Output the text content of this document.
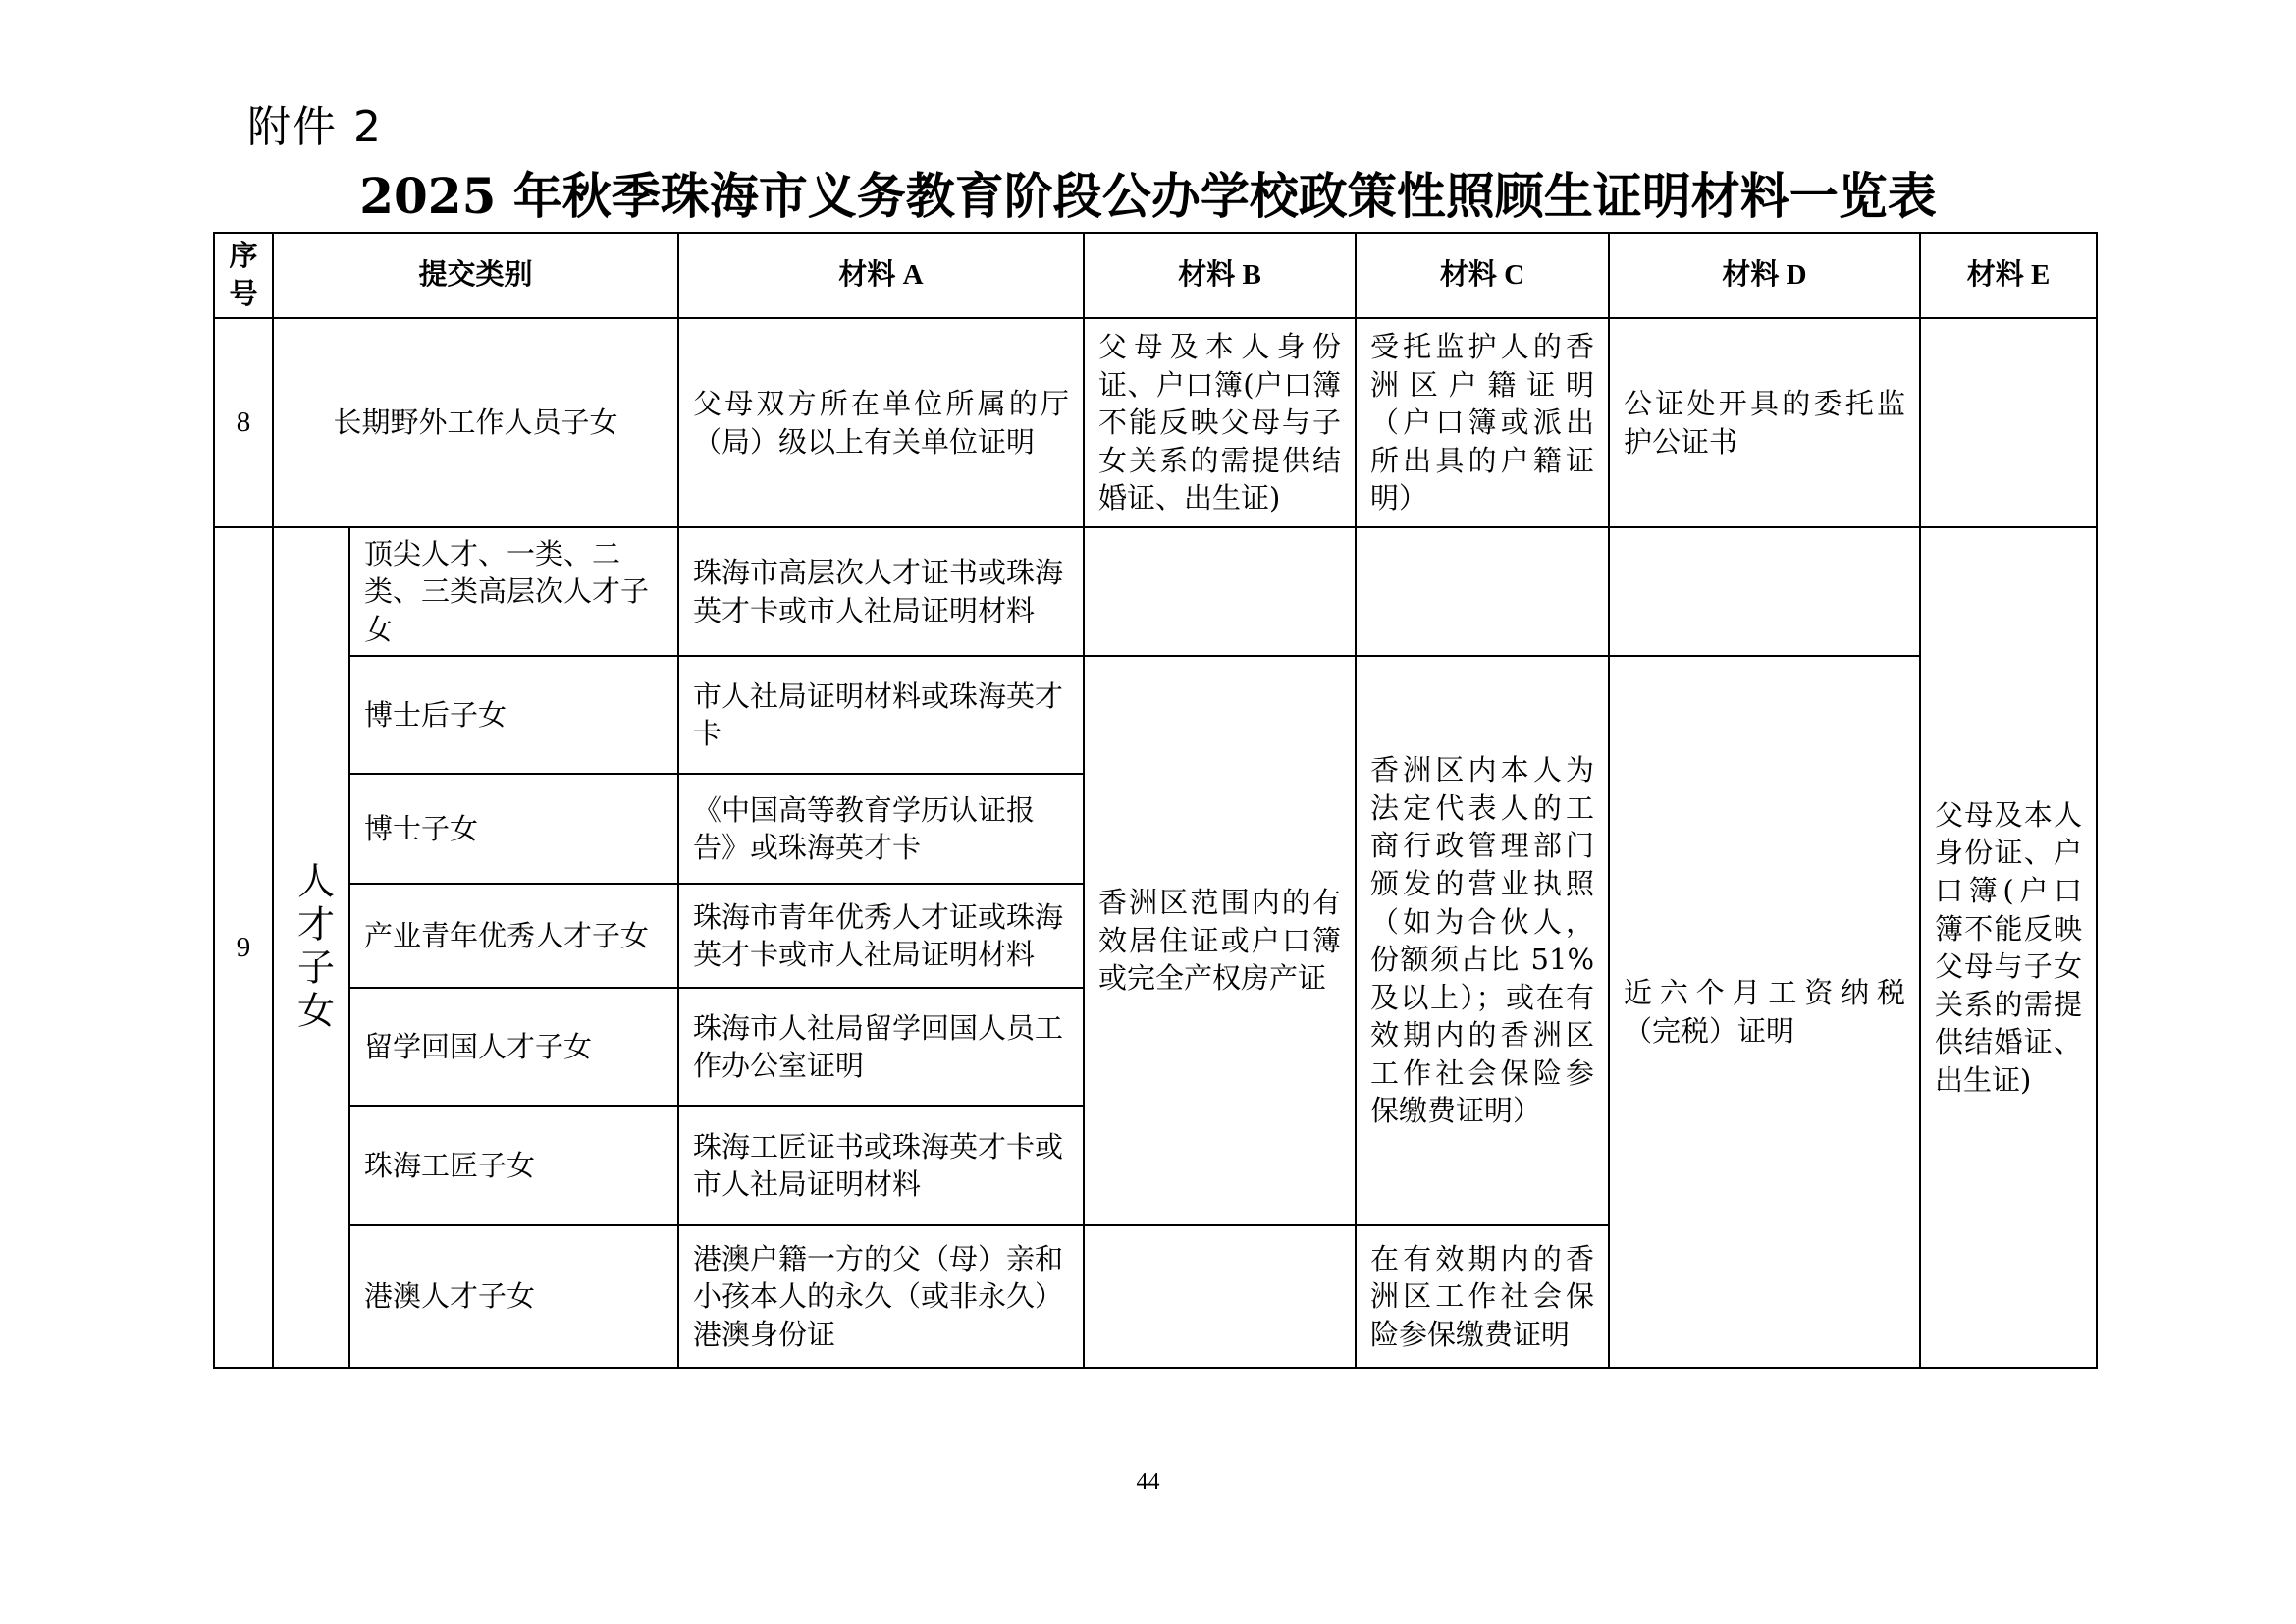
附件 2
2025 年秋季珠海市义务教育阶段公办学校政策性照顾生证明材料一览表
序号	提交类别		材料 A	材料 B	材料 C	材料 D	材料 E
8	长期野外工作人员子女		父母双方所在单位所属的厅（局）级以上有关单位证明	父母及本人身份证、户口簿(户口簿不能反映父母与子女关系的需提供结婚证、出生证)	受托监护人的香洲区户籍证明（户口簿或派出所出具的户籍证明）	公证处开具的委托监护公证书	
9	人才子女	顶尖人才、一类、二类、三类高层次人才子女	珠海市高层次人才证书或珠海英才卡或市人社局证明材料				父母及本人身份证、户口簿(户口簿不能反映父母与子女关系的需提供结婚证、出生证)
		博士后子女	市人社局证明材料或珠海英才卡	香洲区范围内的有效居住证或户口簿或完全产权房产证	香洲区内本人为法定代表人的工商行政管理部门颁发的营业执照（如为合伙人，份额须占比 51%及以上）；或在有效期内的香洲区工作社会保险参保缴费证明）	近六个月工资纳税（完税）证明	
		博士子女	《中国高等教育学历认证报告》或珠海英才卡				
		产业青年优秀人才子女	珠海市青年优秀人才证或珠海英才卡或市人社局证明材料				
		留学回国人才子女	珠海市人社局留学回国人员工作办公室证明				
		珠海工匠子女	珠海工匠证书或珠海英才卡或市人社局证明材料				
		港澳人才子女	港澳户籍一方的父（母）亲和小孩本人的永久（或非永久）港澳身份证		在有效期内的香洲区工作社会保险参保缴费证明		
44
